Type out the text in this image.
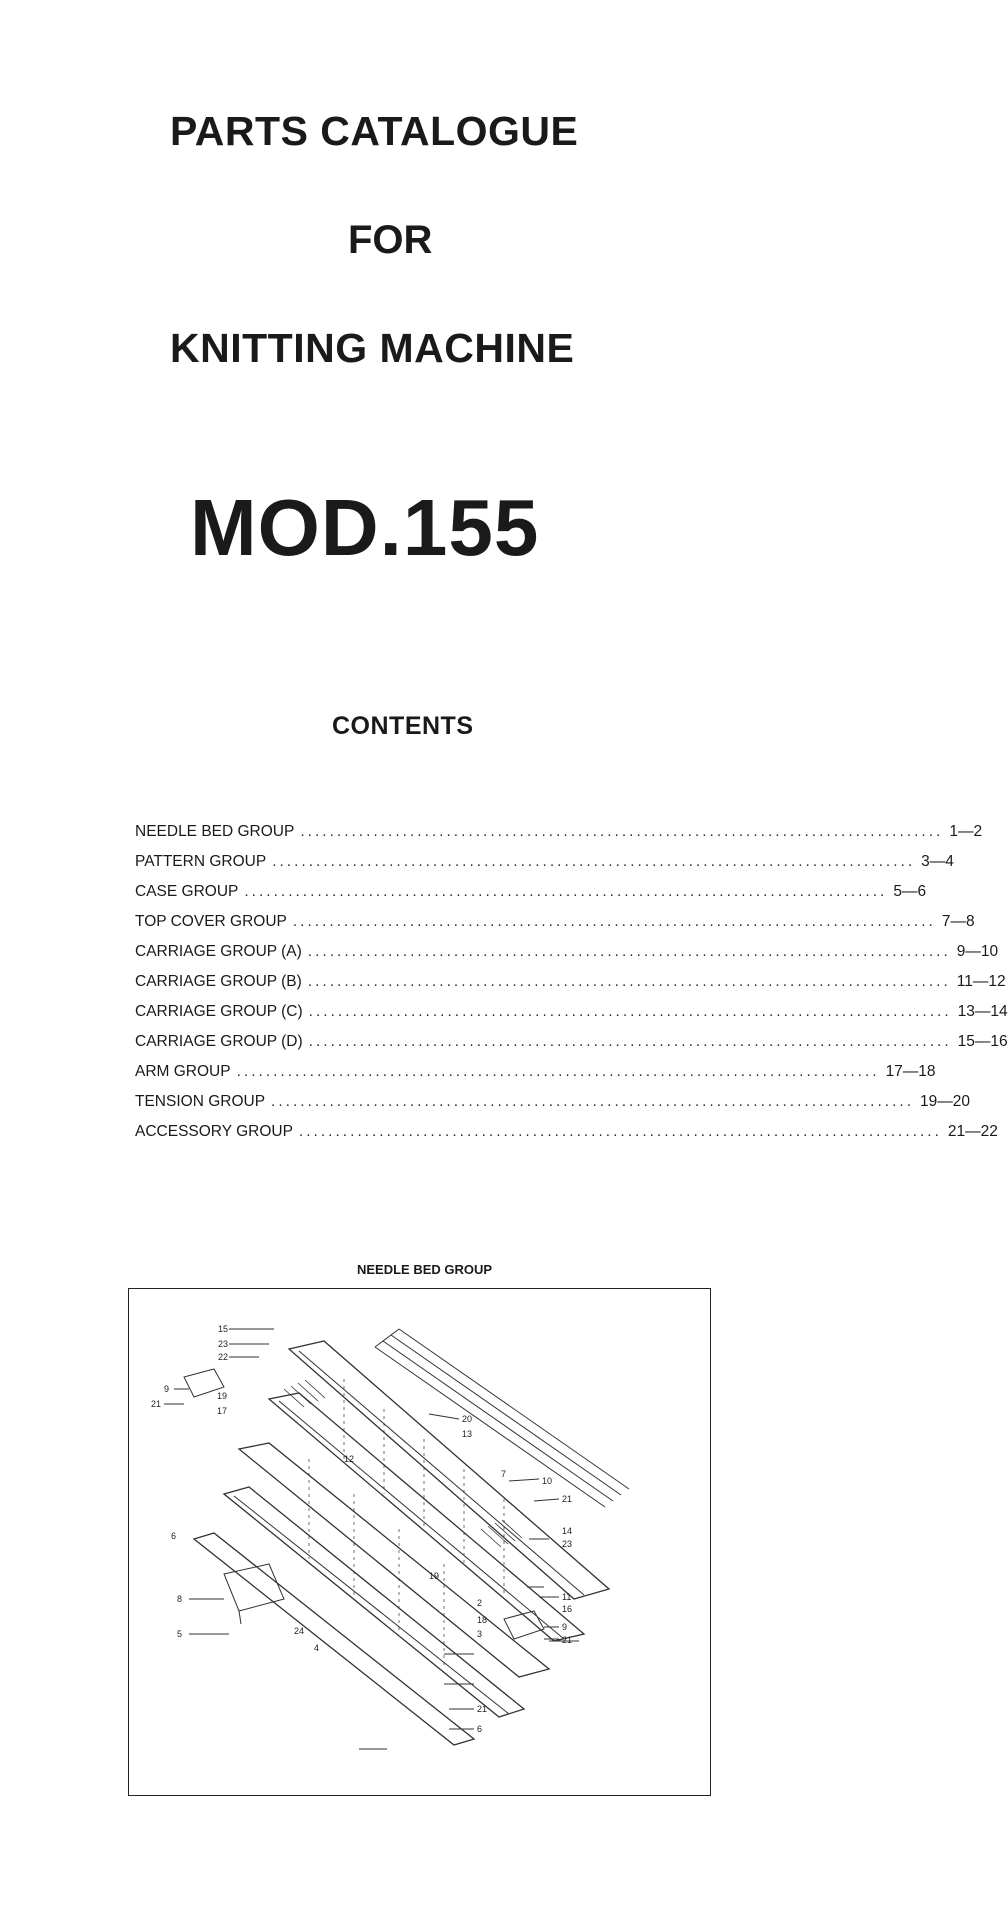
PARTS CATALOGUE
FOR
KNITTING MACHINE
MOD.155
CONTENTS
NEEDLE BED GROUP ........................................................................................ 1—2
PATTERN GROUP ........................................................................................ 3—4
CASE GROUP ........................................................................................ 5—6
TOP COVER GROUP ........................................................................................ 7—8
CARRIAGE GROUP (A) ........................................................................................ 9—10
CARRIAGE GROUP (B) ........................................................................................ 11—12
CARRIAGE GROUP (C) ........................................................................................ 13—14
CARRIAGE GROUP (D) ........................................................................................ 15—16
ARM GROUP ........................................................................................ 17—18
TENSION GROUP ........................................................................................ 19—20
ACCESSORY GROUP ........................................................................................ 21—22
NEEDLE BED GROUP
15
23
22
9
21
19
17
20
13
7
10
21
12
14
23
6
19
11
2
16
8
18
3
9
21
5	24
4
21
6
